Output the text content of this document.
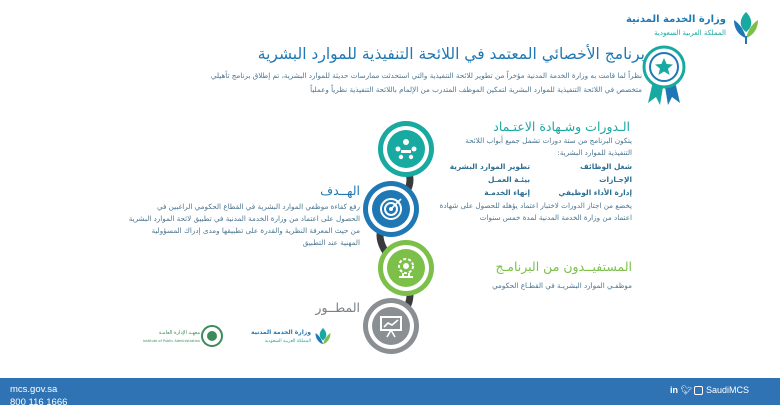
وزارة الخدمة المدنية
المملكة العربية السعودية
برنامج الأخصائي المعتمد في اللائحة التنفيذية للموارد البشرية
نظراً لما قامت به وزارة الخدمة المدنية مؤخراً من تطوير للائحة التنفيذية والتي استحدثت ممارسات حديثة للموارد البشرية، تم إطلاق برنامج تأهيلي
متخصص في اللائحة التنفيذية للموارد البشرية لتمكين الموظف المتدرب من الإلمام باللائحة التنفيذية نظرياً وعملياً
الـدورات وشـهادة الاعتـماد
يتكون البرنامج من ستة دورات تشمل جميع أبواب اللائحة
التنفيذية للموارد البشرية:
شغل الوظائف
الإجـازات
إدارة الأداء الوظيفي
تطوير الموارد البشرية
بيئـة العمـل
إنهاء الخدمـة
يخضع من اجتاز الدورات لاختبار اعتماد يؤهله للحصول على شهادة
اعتماد من وزارة الخدمة المدنية لمدة خمس سنوات
الهــدف
رفع كفاءة موظفي الموارد البشرية في القطاع الحكومي الراغبين في
الحصول على اعتماد من وزارة الخدمة المدنية في تطبيق لائحة الموارد البشرية
من حيث المعرفة النظرية والقدرة على تطبيقها ومدى إدراك المسؤولية
المهنية عند التطبيق
المستفيــدون من البرنامـج
موظفـي الموارد البشريـة في القطـاع الحكومي
المطــور
وزارة الخدمة المدنية
المملكة العربية السعودية
معهـد الإدارة العامـة
Institute of Public Administration
mcs.gov.sa
800 116 1666
in 🐦︎ SaudiMCS
